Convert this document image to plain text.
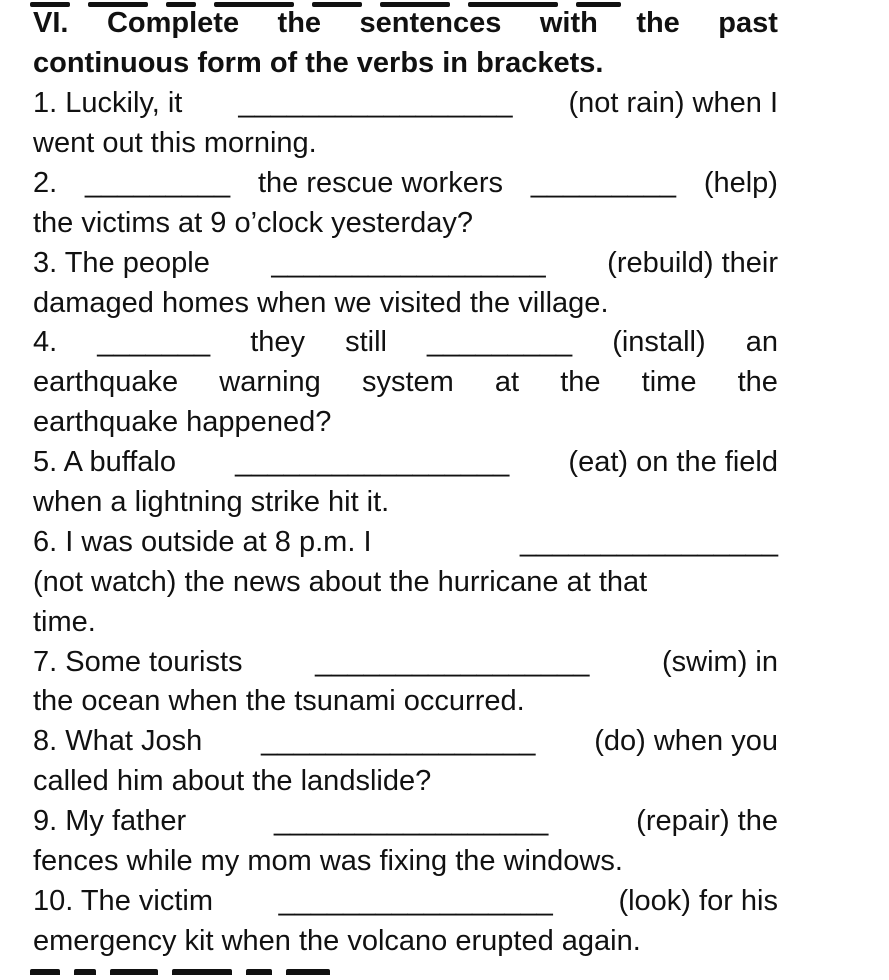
VI. Complete the sentences with the past
continuous form of the verbs in brackets.
1. Luckily, it _________________ (not rain) when I
went out this morning.
2. _________ the rescue workers _________ (help)
the victims at 9 o’clock yesterday?
3. The people _________________ (rebuild) their
damaged homes when we visited the village.
4. _______ they still _________ (install) an
earthquake warning system at the time the
earthquake happened?
5. A buffalo _________________ (eat) on the field
when a lightning strike hit it.
6. I was outside at 8 p.m. I	________________
(not watch) the news about the hurricane at that
time.
7. Some tourists	_________________	(swim) in
the ocean when the tsunami occurred.
8. What Josh _________________ (do) when you
called him about the landslide?
9. My father	_________________	(repair) the
fences while my mom was fixing the windows.
10. The victim _________________ (look) for his
emergency kit when the volcano erupted again.
